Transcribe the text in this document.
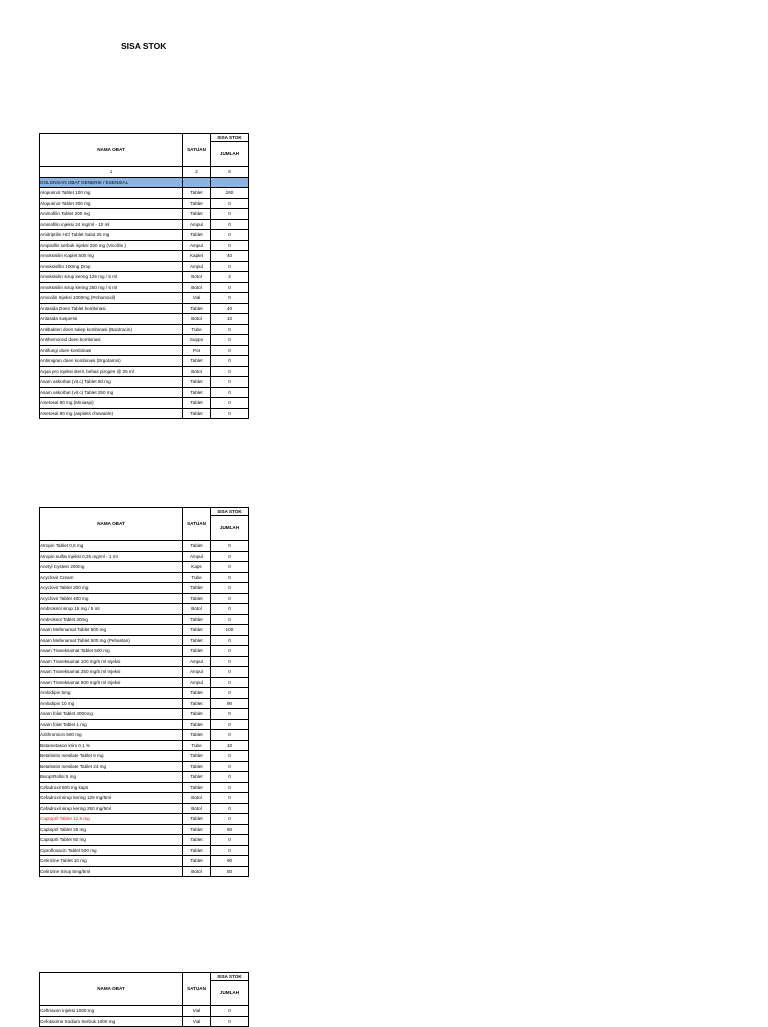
SISA STOK
NAMA OBAT	SATUAN	SISA STOK
		JUMLAH
1	2	8
GOLONGAN OBAT GENERIK / ESENSIAL		
Alopurinol Tablet 100 mg	Tablet	260
Alopurinol Tablet 300 mg	Tablet	0
Aminofilin Tablet 200 mg	Tablet	0
Aminofilin injeksi 24 mg/ml - 10 ml	Ampul	0
Amitriptilin HCl Tablet Salut 25 mg	Tablet	0
Ampisillin serbuk injeksi 250 mg (Viccillin )	Ampul	0
Amoksisilin Kaplet 500 mg	Kaplet	40
Amoksisillin 100mg Drop	Ampul	0
Amoksisilin sirup kering 125 mg / 5 ml	Botol	4
Amoksisilin sirup kering 250 mg / 5 ml	Botol	0
Amoxilin Injeksi 1000mg (Pehamoxil)	Vial	0
Antasida Doen Tablet kombinasi	Tablet	40
Antasida suspensi	Botol	10
Antibakteri doen salep kombinasi (Bacitracin)	Tube	0
Antihemoroid doen kombinasi	Suppo	0
Antifungi doen kombinasi	Pot	0
Antimigran doen kombinasi (Ergotamin)	Tablet	0
Aqua pro injeksi steril, bebas pirogen @ 25 ml	Botol	0
Asam askorbat (vit.c) Tablet 50 mg	Tablet	0
Asam askorbat (vit.c) Tablet 250 mg	Tablet	0
ASetosal 80 mg (Miniaspi)	Tablet	0
ASetosal 80 mg (aspilets chewable)	Tablet	0
NAMA OBAT	SATUAN	SISA STOK
		JUMLAH
Atropin Tablet 0,5 mg	Tablet	0
Atropin sulfat injeksi 0,25 mg/ml - 1 ml	Ampul	0
Acetyl Cystein 200mg	Kaps	0
Acyclovir Cream	Tube	0
Acyclovir Tablet 200 mg	Tablet	0
Acyclovir Tablet 400 mg	Tablet	0
Ambroksol sirup 15 mg / 5 ml	Botol	0
Ambroksol Tablet 30mg	Tablet	0
Asam Mefenamat Tablet 500 mg	Tablet	100
Asam Mefenamat Tablet 500 mg (Pehastan)	Tablet	0
Asam Traneksamat Tablet 500 mg	Tablet	0
Asam Traneksamat 100 mg/5 ml Injeksi	Ampul	0
Asam Traneksamat 250 mg/5 ml Injeksi	Ampul	0
Asam Traneksamat 500 mg/5 ml Injeksi	Ampul	0
Amlodipin 5mg	Tablet	0
Amlodipin 10 mg	Tablet	90
Asam folat Tablet 400mcg	Tablet	0
Asam folat Tablet 1 mg	Tablet	0
Azithromicin 500 mg	Tablet	0
Betametason krim 0,1 %	Tube	10
Betahistin mesilate Tablet 6 mg	Tablet	0
Betahistin mesilate Tablet 24 mg	Tablet	0
BisoprRollol 5 mg	Tablet	0
Cefadroxil 500 mg kaps	Tablet	0
Cefadroxil sirup kering 125 mg/5ml	Botol	0
Cefadroxil sirup kering 250 mg/5ml	Botol	0
Captopril Tablet 12,5 mg	Tablet	0
Captopril Tablet 25 mg	Tablet	80
Captopril Tablet 50 mg	Tablet	0
Ciprofloxacin Tablet 500 mg	Tablet	0
Cetirizine Tablet 10 mg	Tablet	90
Cetirizine Sirup 5mg/5ml	Botol	50
NAMA OBAT	SATUAN	SISA STOK
		JUMLAH
Ceftriaxon injeksi 1000 mg	Vial	0
Cefotaxime Sodium Serbuk 1000 mg	Vial	0
